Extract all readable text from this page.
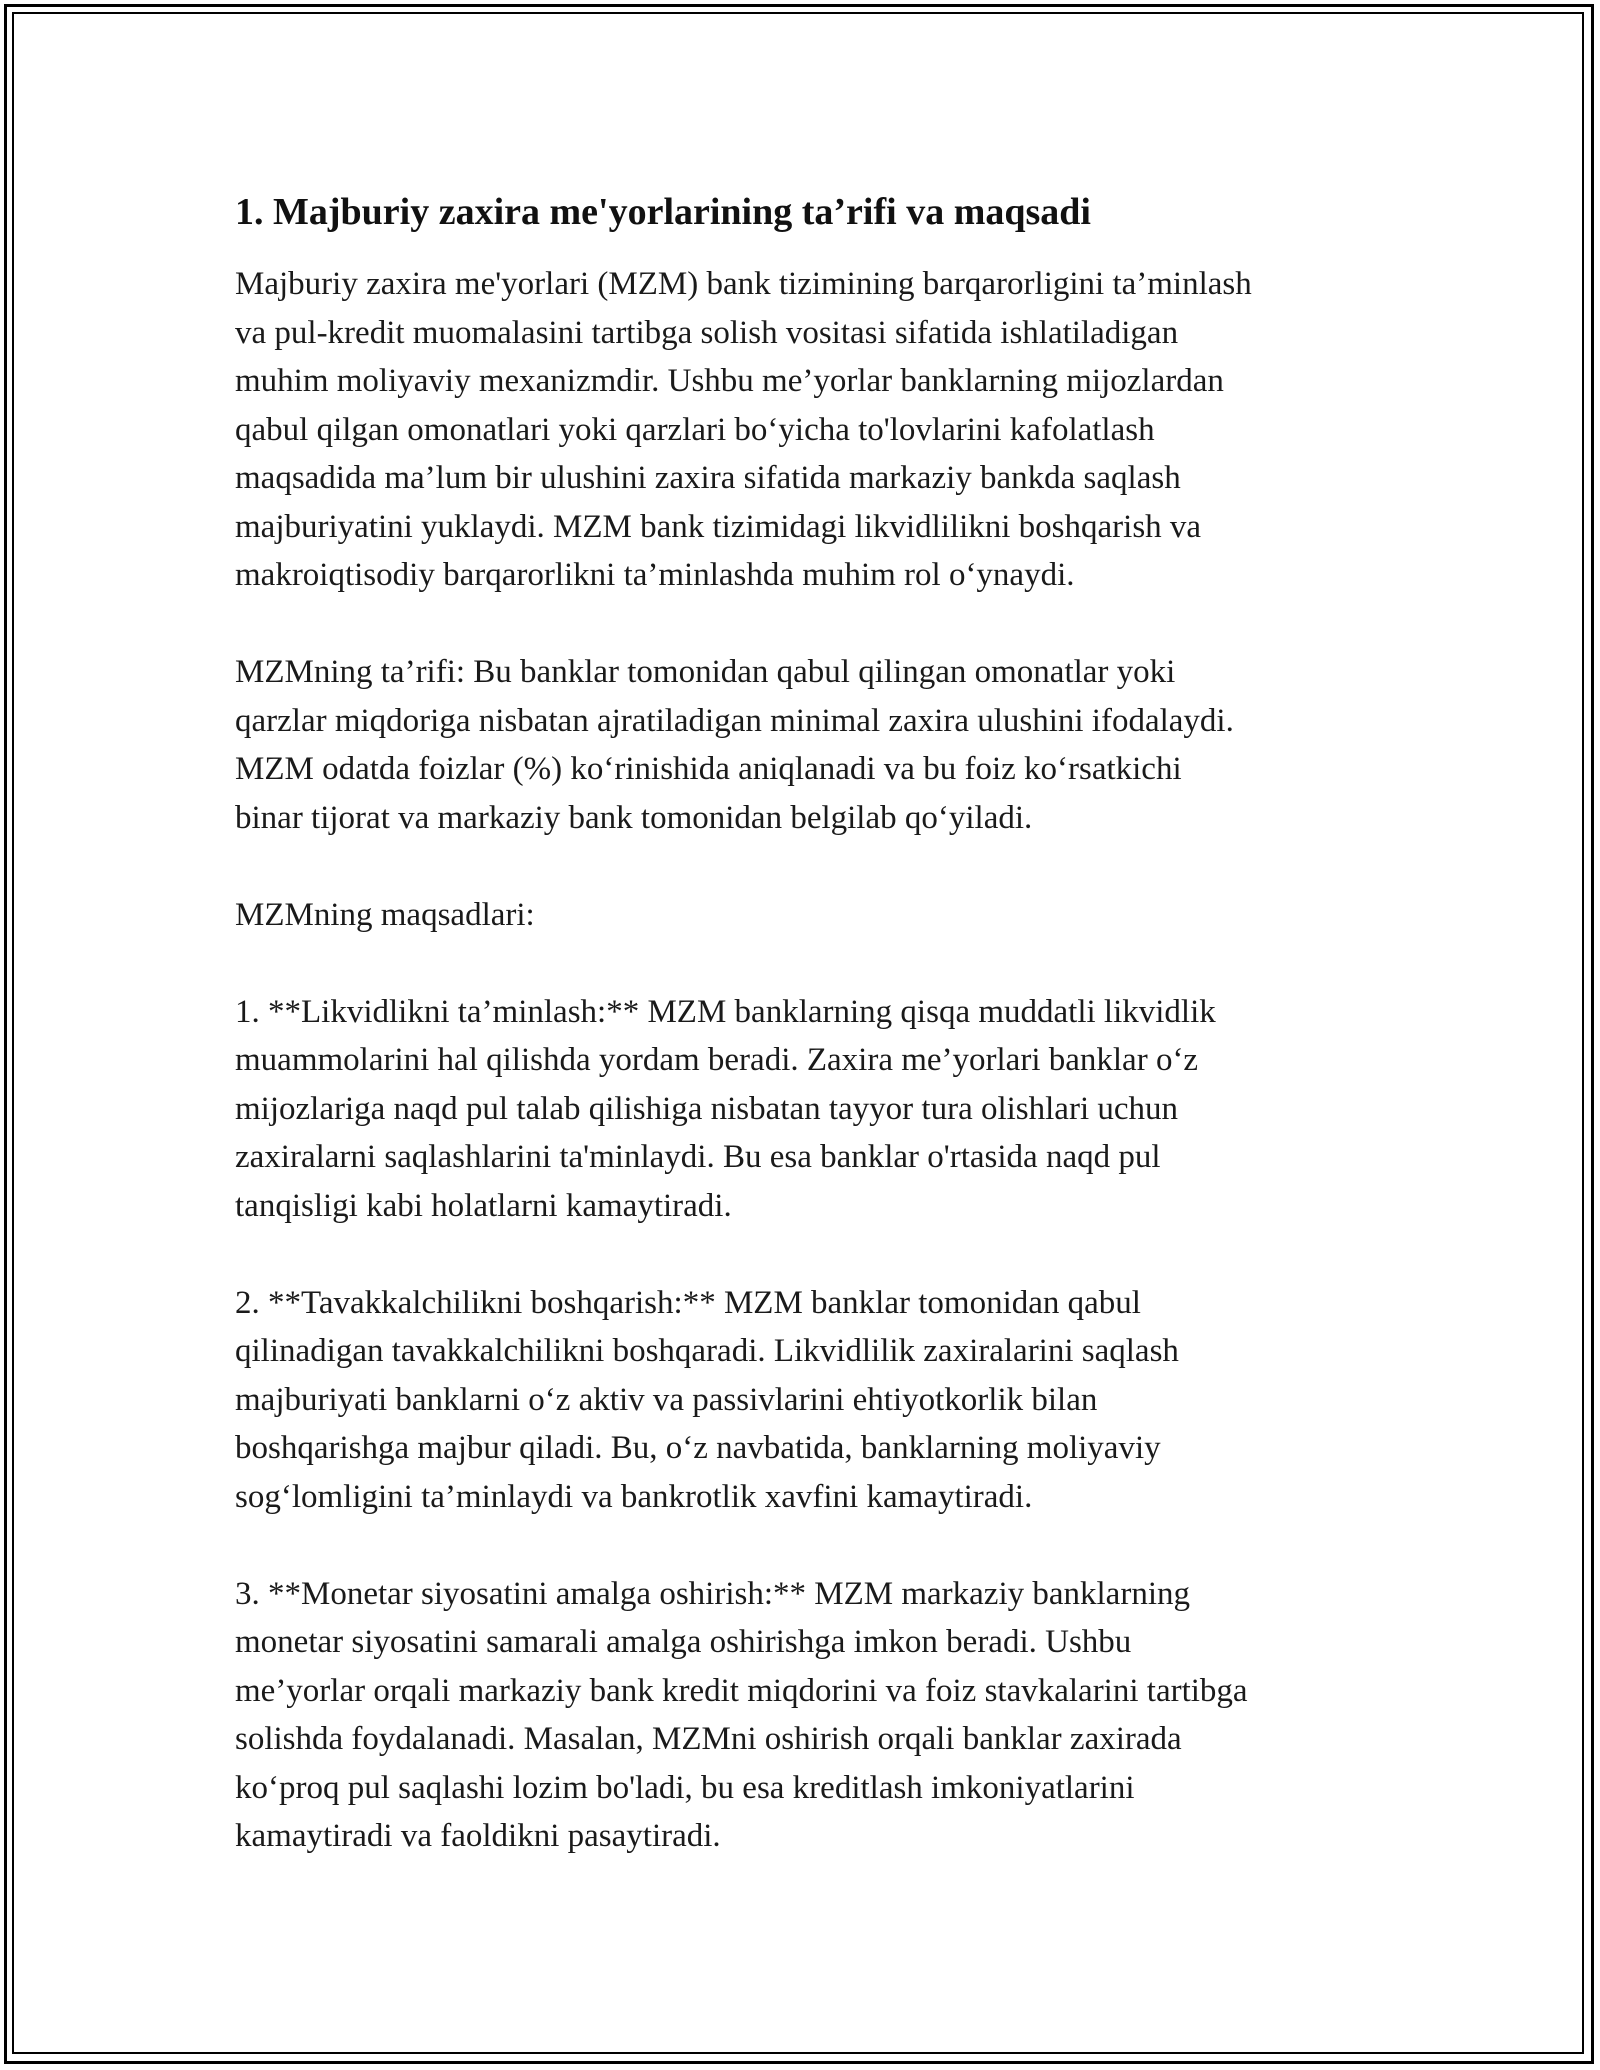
1. Majburiy zaxira me'yorlarining ta’rifi va maqsadi

Majburiy zaxira me'yorlari (MZM) bank tizimining barqarorligini ta’minlash
va pul-kredit muomalasini tartibga solish vositasi sifatida ishlatiladigan
muhim moliyaviy mexanizmdir. Ushbu me’yorlar banklarning mijozlardan
qabul qilgan omonatlari yoki qarzlari boʻyicha to'lovlarini kafolatlash
maqsadida ma’lum bir ulushini zaxira sifatida markaziy bankda saqlash
majburiyatini yuklaydi. MZM bank tizimidagi likvidlilikni boshqarish va
makroiqtisodiy barqarorlikni ta’minlashda muhim rol oʻynaydi.

MZMning ta’rifi: Bu banklar tomonidan qabul qilingan omonatlar yoki
qarzlar miqdoriga nisbatan ajratiladigan minimal zaxira ulushini ifodalaydi.
MZM odatda foizlar (%) koʻrinishida aniqlanadi va bu foiz koʻrsatkichi
binar tijorat va markaziy bank tomonidan belgilab qoʻyiladi.

MZMning maqsadlari:

1. **Likvidlikni ta’minlash:** MZM banklarning qisqa muddatli likvidlik
muammolarini hal qilishda yordam beradi. Zaxira me’yorlari banklar oʻz
mijozlariga naqd pul talab qilishiga nisbatan tayyor tura olishlari uchun
zaxiralarni saqlashlarini ta'minlaydi. Bu esa banklar o'rtasida naqd pul
tanqisligi kabi holatlarni kamaytiradi.

2. **Tavakkalchilikni boshqarish:** MZM banklar tomonidan qabul
qilinadigan tavakkalchilikni boshqaradi. Likvidlilik zaxiralarini saqlash
majburiyati banklarni oʻz aktiv va passivlarini ehtiyotkorlik bilan
boshqarishga majbur qiladi. Bu, oʻz navbatida, banklarning moliyaviy
sogʻlomligini ta’minlaydi va bankrotlik xavfini kamaytiradi.

3. **Monetar siyosatini amalga oshirish:** MZM markaziy banklarning
monetar siyosatini samarali amalga oshirishga imkon beradi. Ushbu
me’yorlar orqali markaziy bank kredit miqdorini va foiz stavkalarini tartibga
solishda foydalanadi. Masalan, MZMni oshirish orqali banklar zaxirada
koʻproq pul saqlashi lozim bo'ladi, bu esa kreditlash imkoniyatlarini
kamaytiradi va faoldikni pasaytiradi.
